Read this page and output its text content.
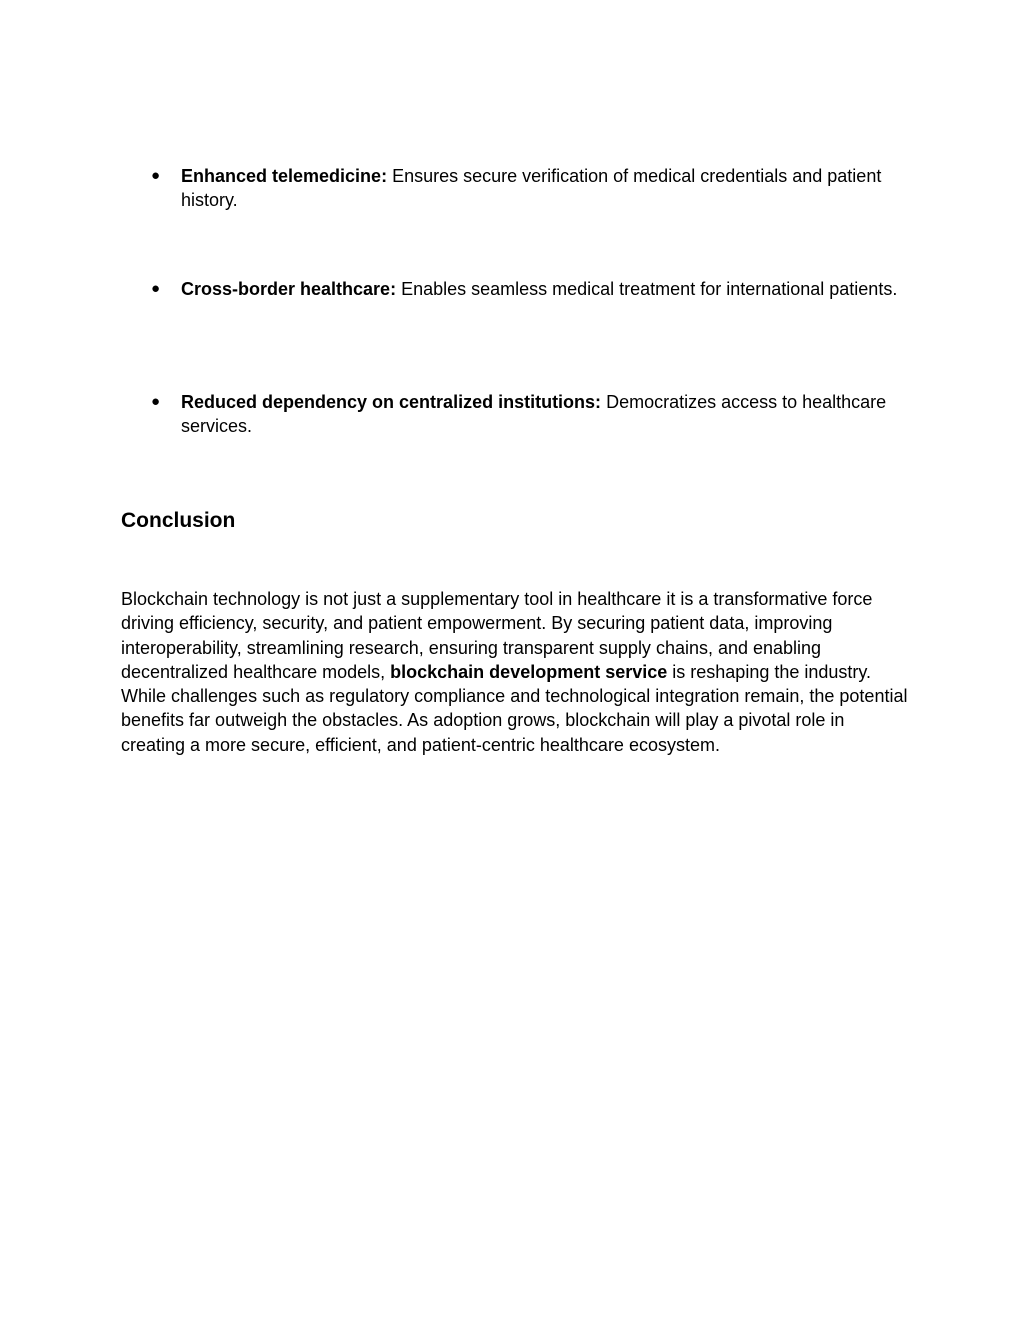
● Enhanced telemedicine: Ensures secure verification of medical credentials and patient history.
● Cross-border healthcare: Enables seamless medical treatment for international patients.
● Reduced dependency on centralized institutions: Democratizes access to healthcare services.
Conclusion

Blockchain technology is not just a supplementary tool in healthcare it is a transformative force driving efficiency, security, and patient empowerment. By securing patient data, improving interoperability, streamlining research, ensuring transparent supply chains, and enabling decentralized healthcare models, blockchain development service is reshaping the industry. While challenges such as regulatory compliance and technological integration remain, the potential benefits far outweigh the obstacles. As adoption grows, blockchain will play a pivotal role in creating a more secure, efficient, and patient-centric healthcare ecosystem.
